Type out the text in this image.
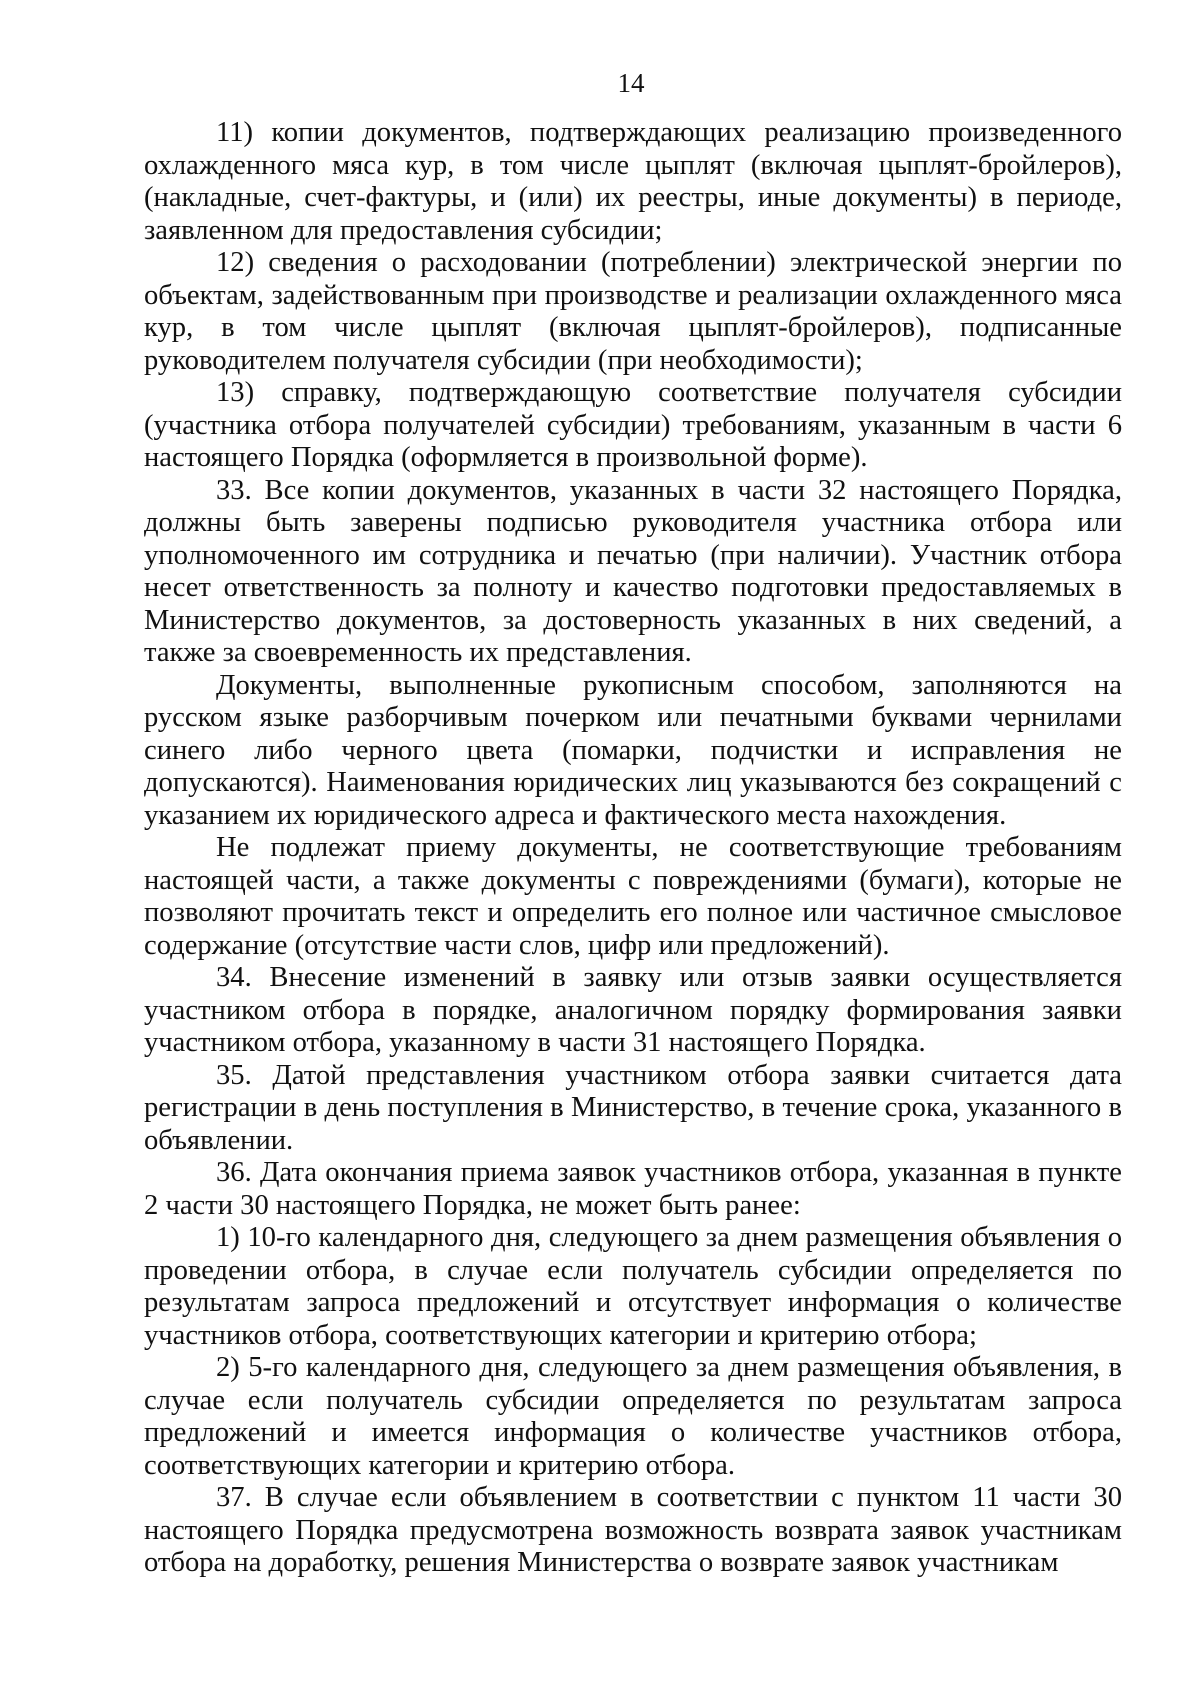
14

11) копии документов, подтверждающих реализацию произведенного охлажденного мяса кур, в том числе цыплят (включая цыплят-бройлеров), (накладные, счет-фактуры, и (или) их реестры, иные документы) в периоде, заявленном для предоставления субсидии;

12) сведения о расходовании (потреблении) электрической энергии по объектам, задействованным при производстве и реализации охлажденного мяса кур, в том числе цыплят (включая цыплят-бройлеров), подписанные руководителем получателя субсидии (при необходимости);

13) справку, подтверждающую соответствие получателя субсидии (участника отбора получателей субсидии) требованиям, указанным в части 6 настоящего Порядка (оформляется в произвольной форме).

33. Все копии документов, указанных в части 32 настоящего Порядка, должны быть заверены подписью руководителя участника отбора или уполномоченного им сотрудника и печатью (при наличии). Участник отбора несет ответственность за полноту и качество подготовки предоставляемых в Министерство документов, за достоверность указанных в них сведений, а также за своевременность их представления.

Документы, выполненные рукописным способом, заполняются на русском языке разборчивым почерком или печатными буквами чернилами синего либо черного цвета (помарки, подчистки и исправления не допускаются). Наименования юридических лиц указываются без сокращений с указанием их юридического адреса и фактического места нахождения.

Не подлежат приему документы, не соответствующие требованиям настоящей части, а также документы с повреждениями (бумаги), которые не позволяют прочитать текст и определить его полное или частичное смысловое содержание (отсутствие части слов, цифр или предложений).

34. Внесение изменений в заявку или отзыв заявки осуществляется участником отбора в порядке, аналогичном порядку формирования заявки участником отбора, указанному в части 31 настоящего Порядка.

35. Датой представления участником отбора заявки считается дата регистрации в день поступления в Министерство, в течение срока, указанного в объявлении.

36. Дата окончания приема заявок участников отбора, указанная в пункте 2 части 30 настоящего Порядка, не может быть ранее:

1) 10-го календарного дня, следующего за днем размещения объявления о проведении отбора, в случае если получатель субсидии определяется по результатам запроса предложений и отсутствует информация о количестве участников отбора, соответствующих категории и критерию отбора;

2) 5-го календарного дня, следующего за днем размещения объявления, в случае если получатель субсидии определяется по результатам запроса предложений и имеется информация о количестве участников отбора, соответствующих категории и критерию отбора.

37. В случае если объявлением в соответствии с пунктом 11 части 30 настоящего Порядка предусмотрена возможность возврата заявок участникам отбора на доработку, решения Министерства о возврате заявок участникам
